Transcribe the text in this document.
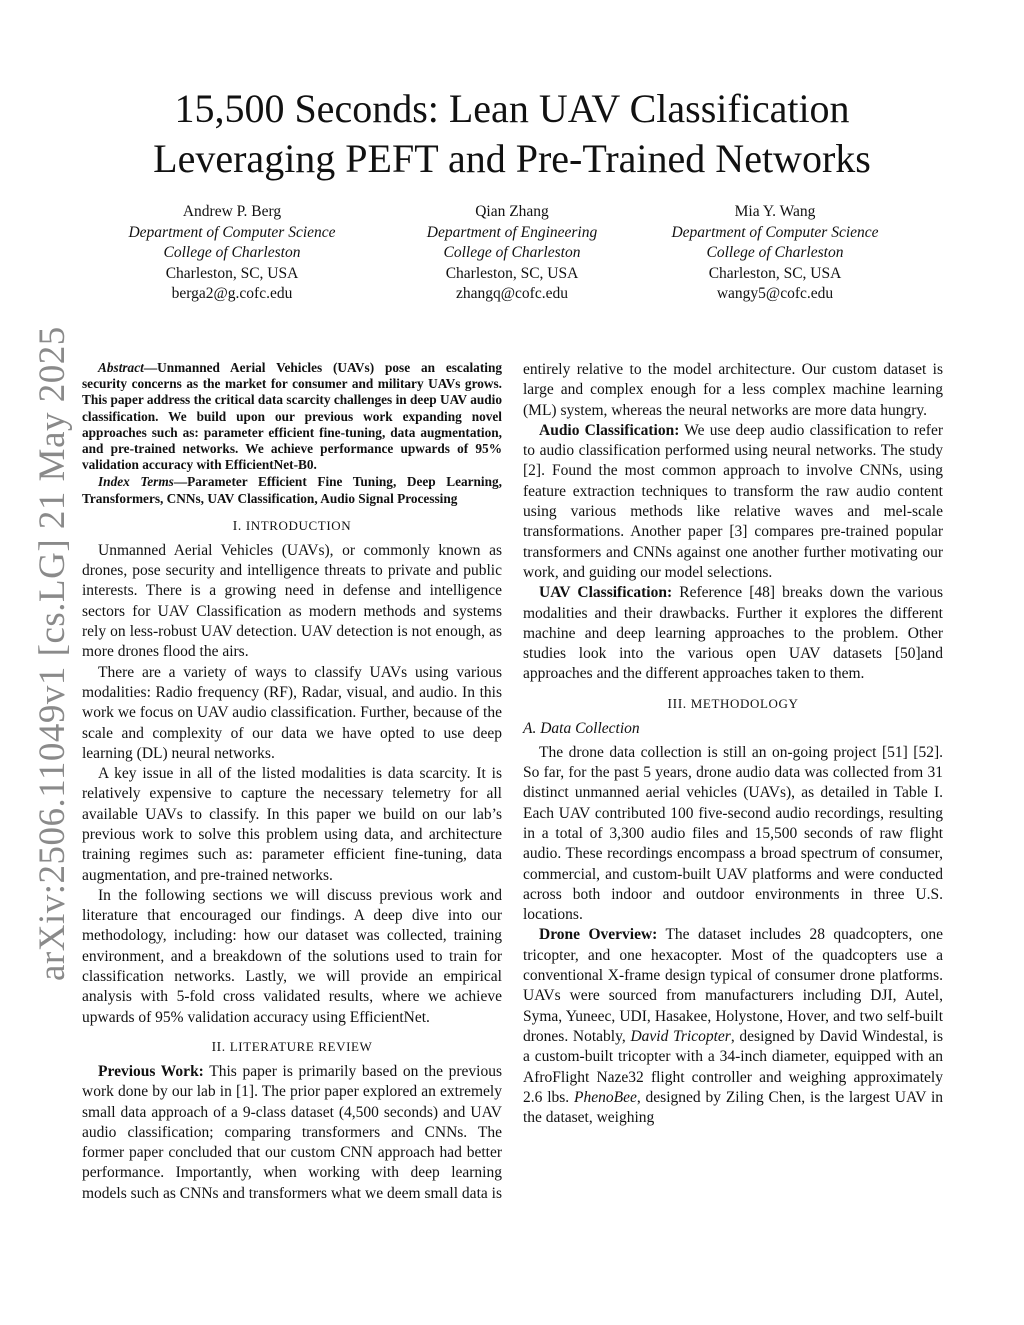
arXiv:2506.11049v1 [cs.LG] 21 May 2025
15,500 Seconds: Lean UAV Classification
Leveraging PEFT and Pre-Trained Networks
Andrew P. Berg
Department of Computer Science
College of Charleston
Charleston, SC, USA
berga2@g.cofc.edu
Qian Zhang
Department of Engineering
College of Charleston
Charleston, SC, USA
zhangq@cofc.edu
Mia Y. Wang
Department of Computer Science
College of Charleston
Charleston, SC, USA
wangy5@cofc.edu

Abstract—Unmanned Aerial Vehicles (UAVs) pose an escalating security concerns as the market for consumer and military UAVs grows. This paper address the critical data scarcity challenges in deep UAV audio classification. We build upon our previous work expanding novel approaches such as: parameter efficient fine-tuning, data augmentation, and pre-trained networks. We achieve performance upwards of 95% validation accuracy with EfficientNet-B0.

Index Terms—Parameter Efficient Fine Tuning, Deep Learning, Transformers, CNNs, UAV Classification, Audio Signal Processing

I. INTRODUCTION

Unmanned Aerial Vehicles (UAVs), or commonly known as drones, pose security and intelligence threats to private and public interests. There is a growing need in defense and intelligence sectors for UAV Classification as modern methods and systems rely on less-robust UAV detection. UAV detection is not enough, as more drones flood the airs.

There are a variety of ways to classify UAVs using various modalities: Radio frequency (RF), Radar, visual, and audio. In this work we focus on UAV audio classification. Further, because of the scale and complexity of our data we have opted to use deep learning (DL) neural networks.

A key issue in all of the listed modalities is data scarcity. It is relatively expensive to capture the necessary telemetry for all available UAVs to classify. In this paper we build on our lab’s previous work to solve this problem using data, and architecture training regimes such as: parameter efficient fine-tuning, data augmentation, and pre-trained networks.

In the following sections we will discuss previous work and literature that encouraged our findings. A deep dive into our methodology, including: how our dataset was collected, training environment, and a breakdown of the solutions used to train for classification networks. Lastly, we will provide an empirical analysis with 5-fold cross validated results, where we achieve upwards of 95% validation accuracy using EfficientNet.

II. LITERATURE REVIEW

Previous Work: This paper is primarily based on the previous work done by our lab in [1]. The prior paper explored an extremely small data approach of a 9-class dataset (4,500 seconds) and UAV audio classification; comparing transformers and CNNs. The former paper concluded that our custom CNN approach had better performance. Importantly, when working with deep learning models such as CNNs and transformers what we deem small data is

entirely relative to the model architecture. Our custom dataset is large and complex enough for a less complex machine learning (ML) system, whereas the neural networks are more data hungry.

Audio Classification: We use deep audio classification to refer to audio classification performed using neural networks. The study [2]. Found the most common approach to involve CNNs, using feature extraction techniques to transform the raw audio content using various methods like relative waves and mel-scale transformations. Another paper [3] compares pre-trained popular transformers and CNNs against one another further motivating our work, and guiding our model selections.

UAV Classification: Reference [48] breaks down the various modalities and their drawbacks. Further it explores the different machine and deep learning approaches to the problem. Other studies look into the various open UAV datasets [50]and approaches and the different approaches taken to them.

III. METHODOLOGY
A. Data Collection

The drone data collection is still an on-going project [51] [52]. So far, for the past 5 years, drone audio data was collected from 31 distinct unmanned aerial vehicles (UAVs), as detailed in Table I. Each UAV contributed 100 five-second audio recordings, resulting in a total of 3,300 audio files and 15,500 seconds of raw flight audio. These recordings encompass a broad spectrum of consumer, commercial, and custom-built UAV platforms and were conducted across both indoor and outdoor environments in three U.S. locations.

Drone Overview: The dataset includes 28 quadcopters, one tricopter, and one hexacopter. Most of the quadcopters use a conventional X-frame design typical of consumer drone platforms. UAVs were sourced from manufacturers including DJI, Autel, Syma, Yuneec, UDI, Hasakee, Holystone, Hover, and two self-built drones. Notably, David Tricopter, designed by David Windestal, is a custom-built tricopter with a 34-inch diameter, equipped with an AfroFlight Naze32 flight controller and weighing approximately 2.6 lbs. PhenoBee, designed by Ziling Chen, is the largest UAV in the dataset, weighing
